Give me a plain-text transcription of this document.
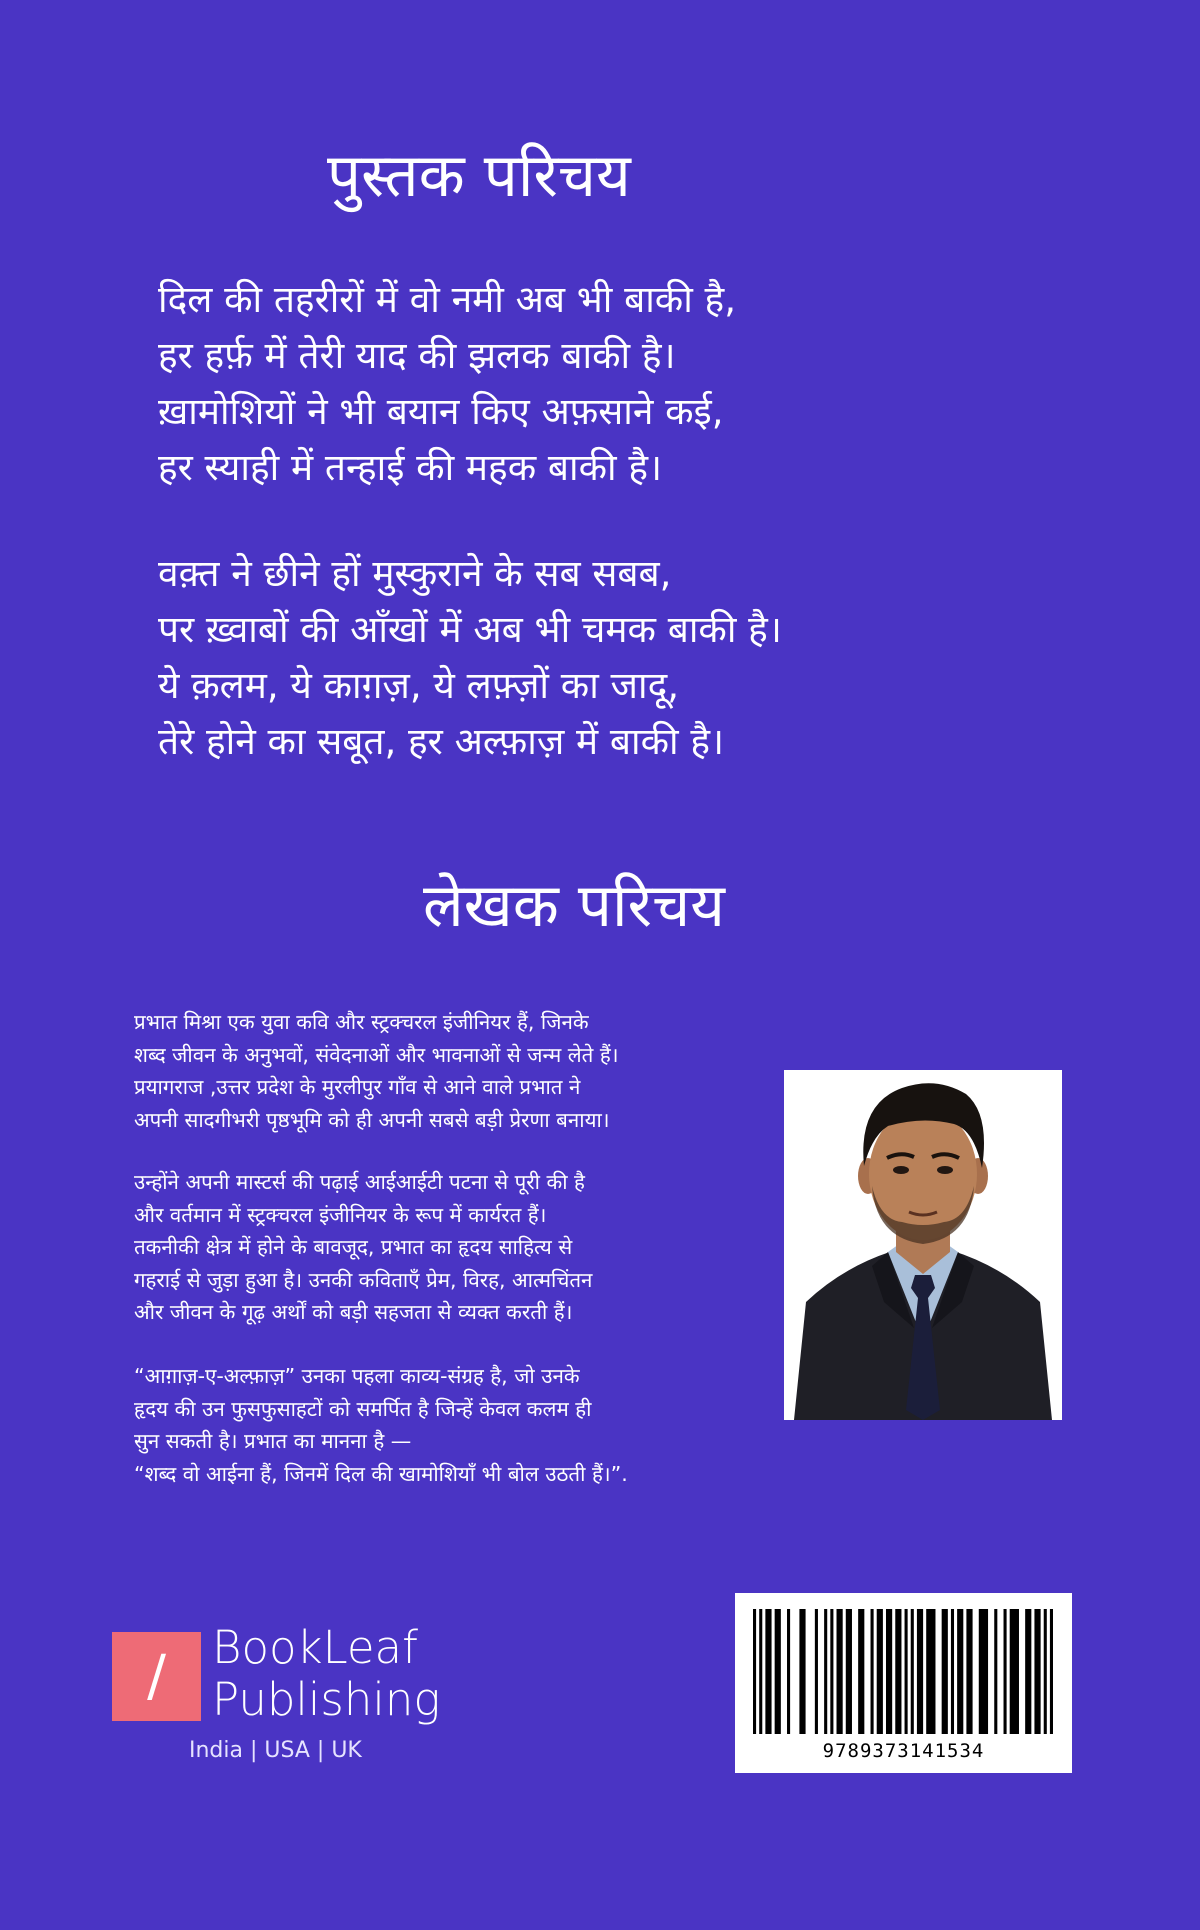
पुस्तक परिचय
दिल की तहरीरों में वो नमी अब भी बाकी है,
हर हर्फ़ में तेरी याद की झलक बाकी है।
ख़ामोशियों ने भी बयान किए अफ़साने कई,
हर स्याही में तन्हाई की महक बाकी है।
वक़्त ने छीने हों मुस्कुराने के सब सबब,
पर ख़्वाबों की आँखों में अब भी चमक बाकी है।
ये क़लम, ये काग़ज़, ये लफ़्ज़ों का जादू,
तेरे होने का सबूत, हर अल्फ़ाज़ में बाकी है।
लेखक परिचय
प्रभात मिश्रा एक युवा कवि और स्ट्रक्चरल इंजीनियर हैं, जिनके
शब्द जीवन के अनुभवों, संवेदनाओं और भावनाओं से जन्म लेते हैं।
प्रयागराज ,उत्तर प्रदेश के मुरलीपुर गाँव से आने वाले प्रभात ने
अपनी सादगीभरी पृष्ठभूमि को ही अपनी सबसे बड़ी प्रेरणा बनाया।
उन्होंने अपनी मास्टर्स की पढ़ाई आईआईटी पटना से पूरी की है
और वर्तमान में स्ट्रक्चरल इंजीनियर के रूप में कार्यरत हैं।
तकनीकी क्षेत्र में होने के बावजूद, प्रभात का हृदय साहित्य से
गहराई से जुड़ा हुआ है। उनकी कविताएँ प्रेम, विरह, आत्मचिंतन
और जीवन के गूढ़ अर्थों को बड़ी सहजता से व्यक्त करती हैं।
“आग़ाज़-ए-अल्फ़ाज़” उनका पहला काव्य-संग्रह है, जो उनके
हृदय की उन फुसफुसाहटों को समर्पित है जिन्हें केवल कलम ही
सुन सकती है। प्रभात का मानना है —
“शब्द वो आईना हैं, जिनमें दिल की खामोशियाँ भी बोल उठती हैं।”.
/	BookLeaf
Publishing
India | USA | UK	9789373141534
